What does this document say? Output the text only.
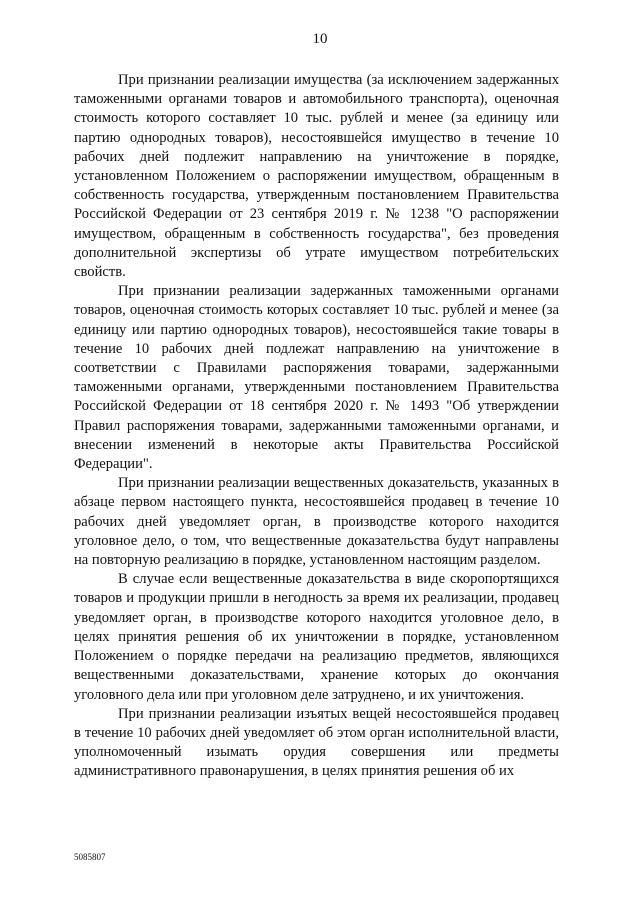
10

При признании реализации имущества (за исключением задержанных таможенными органами товаров и автомобильного транспорта), оценочная стоимость которого составляет 10 тыс. рублей и менее (за единицу или партию однородных товаров), несостоявшейся имущество в течение 10 рабочих дней подлежит направлению на уничтожение в порядке, установленном Положением о распоряжении имуществом, обращенным в собственность государства, утвержденным постановлением Правительства Российской Федерации от 23 сентября 2019 г. № 1238 "О распоряжении имуществом, обращенным в собственность государства", без проведения дополнительной экспертизы об утрате имуществом потребительских свойств.

При признании реализации задержанных таможенными органами товаров, оценочная стоимость которых составляет 10 тыс. рублей и менее (за единицу или партию однородных товаров), несостоявшейся такие товары в течение 10 рабочих дней подлежат направлению на уничтожение в соответствии с Правилами распоряжения товарами, задержанными таможенными органами, утвержденными постановлением Правительства Российской Федерации от 18 сентября 2020 г. № 1493 "Об утверждении Правил распоряжения товарами, задержанными таможенными органами, и внесении изменений в некоторые акты Правительства Российской Федерации".

При признании реализации вещественных доказательств, указанных в абзаце первом настоящего пункта, несостоявшейся продавец в течение 10 рабочих дней уведомляет орган, в производстве которого находится уголовное дело, о том, что вещественные доказательства будут направлены на повторную реализацию в порядке, установленном настоящим разделом.

В случае если вещественные доказательства в виде скоропортящихся товаров и продукции пришли в негодность за время их реализации, продавец уведомляет орган, в производстве которого находится уголовное дело, в целях принятия решения об их уничтожении в порядке, установленном Положением о порядке передачи на реализацию предметов, являющихся вещественными доказательствами, хранение которых до окончания уголовного дела или при уголовном деле затруднено, и их уничтожения.

При признании реализации изъятых вещей несостоявшейся продавец в течение 10 рабочих дней уведомляет об этом орган исполнительной власти, уполномоченный изымать орудия совершения или предметы административного правонарушения, в целях принятия решения об их

5085807
